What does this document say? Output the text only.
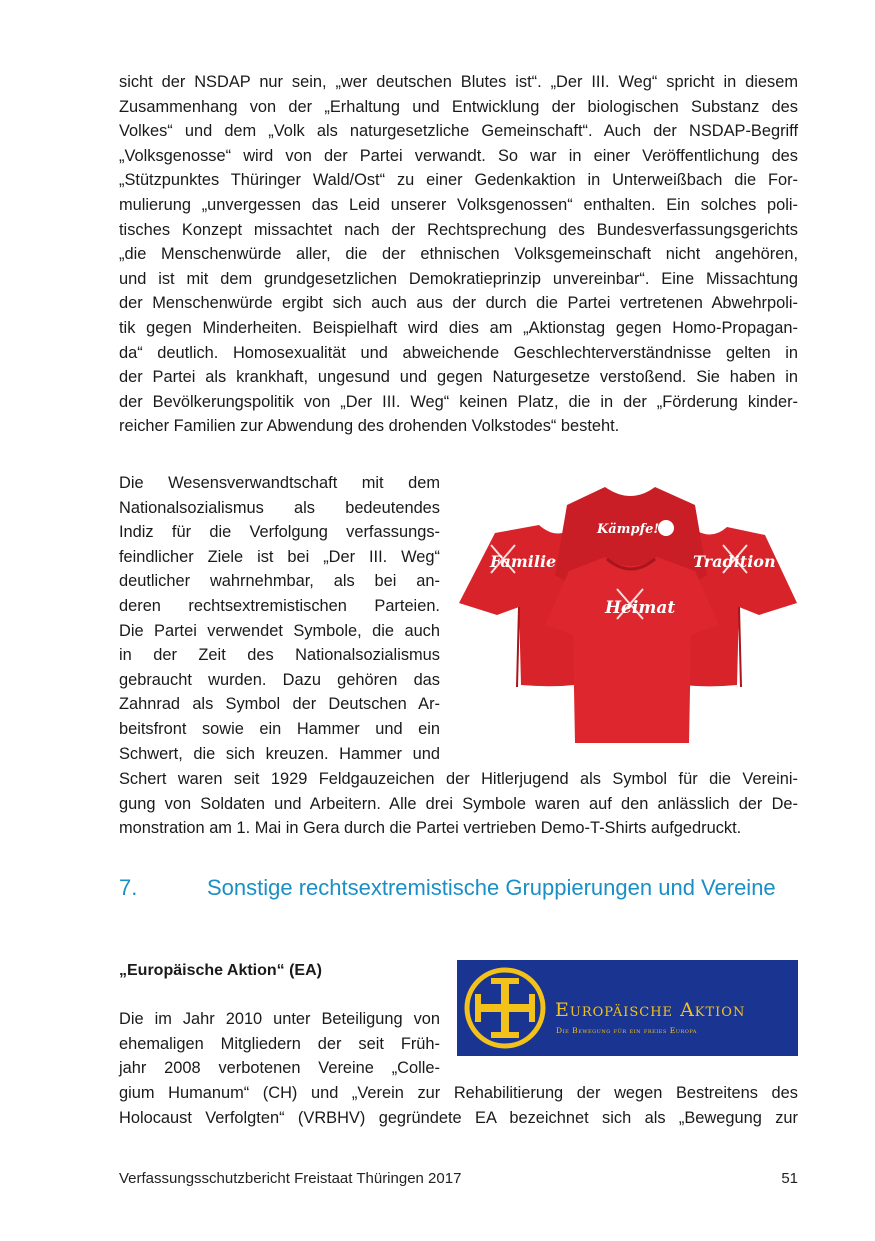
sicht der NSDAP nur sein, „wer deutschen Blutes ist“. „Der III. Weg“ spricht in diesem
Zusammenhang von der „Erhaltung und Entwicklung der biologischen Substanz des
Volkes“ und dem „Volk als naturgesetzliche Gemeinschaft“. Auch der NSDAP-Begriff
„Volksgenosse“ wird von der Partei verwandt. So war in einer Veröffentlichung des
„Stützpunktes Thüringer Wald/Ost“ zu einer Gedenkaktion in Unterweißbach die For-
mulierung „unvergessen das Leid unserer Volksgenossen“ enthalten. Ein solches poli-
tisches Konzept missachtet nach der Rechtsprechung des Bundesverfassungsgerichts
„die Menschenwürde aller, die der ethnischen Volksgemeinschaft nicht angehören,
und ist mit dem grundgesetzlichen Demokratieprinzip unvereinbar“. Eine Missachtung
der Menschenwürde ergibt sich auch aus der durch die Partei vertretenen Abwehrpoli-
tik gegen Minderheiten. Beispielhaft wird dies am „Aktionstag gegen Homo-Propagan-
da“ deutlich. Homosexualität und abweichende Geschlechterverständnisse gelten in
der Partei als krankhaft, ungesund und gegen Naturgesetze verstoßend. Sie haben in
der Bevölkerungspolitik von „Der III. Weg“ keinen Platz, die in der „Förderung kinder-
reicher Familien zur Abwendung des drohenden Volkstodes“ besteht.
Die Wesensverwandtschaft mit dem
Nationalsozialismus als bedeutendes
Indiz für die Verfolgung verfassungs-
feindlicher Ziele ist bei „Der III. Weg“
deutlicher wahrnehmbar, als bei an-
deren rechtsextremistischen Parteien.
Die Partei verwendet Symbole, die auch
in der Zeit des Nationalsozialismus
gebraucht wurden. Dazu gehören das
Zahnrad als Symbol der Deutschen Ar-
beitsfront sowie ein Hammer und ein
Schwert, die sich kreuzen. Hammer und
Familie
Kämpfe!
Tradition
Heimat
Schert waren seit 1929 Feldgauzeichen der Hitlerjugend als Symbol für die Vereini-
gung von Soldaten und Arbeitern. Alle drei Symbole waren auf den anlässlich der De-
monstration am 1. Mai in Gera durch die Partei vertrieben Demo-T-Shirts aufgedruckt.
7.	Sonstige rechtsextremistische Gruppierungen und Vereine
„Europäische Aktion“ (EA)
Europäische Aktion
Die Bewegung für ein freies Europa
Die im Jahr 2010 unter Beteiligung von
ehemaligen Mitgliedern der seit Früh-
jahr 2008 verbotenen Vereine „Colle-
gium Humanum“ (CH) und „Verein zur Rehabilitierung der wegen Bestreitens des
Holocaust Verfolgten“ (VRBHV) gegründete EA bezeichnet sich als „Bewegung zur
Verfassungsschutzbericht Freistaat Thüringen 2017	51
